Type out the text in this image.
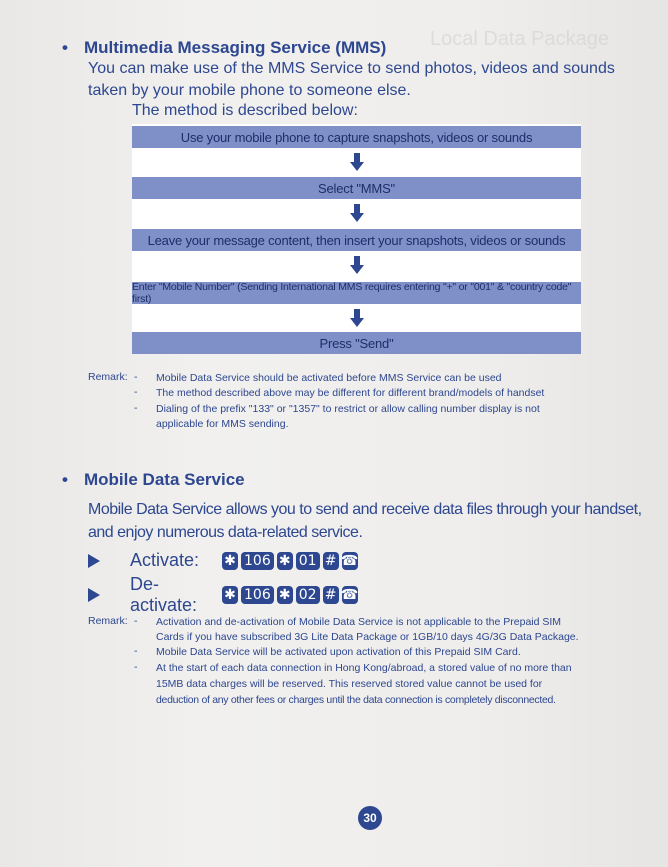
Local Data Package
• Multimedia Messaging Service (MMS)
You can make use of the MMS Service to send photos, videos and sounds
taken by your mobile phone to someone else.
The method is described below:
Use your mobile phone to capture snapshots, videos or sounds
Select "MMS"
Leave your message content, then insert your snapshots, videos or sounds
Enter "Mobile Number" (Sending International MMS requires entering "+" or "001" & "country code" first)
Press "Send"
Remark: - Mobile Data Service should be activated before MMS Service can be used
- The method described above may be different for different brand/models of handset
- Dialing of the prefix "133" or "1357" to restrict or allow calling number display is not
applicable for MMS sending.
• Mobile Data Service
Mobile Data Service allows you to send and receive data files through your handset,
and enjoy numerous data-related service.
Activate:	✱ 106 ✱ 01 # ☎
De-activate:	✱ 106 ✱ 02 # ☎
Remark: - Activation and de-activation of Mobile Data Service is not applicable to the Prepaid SIM
Cards if you have subscribed 3G Lite Data Package or 1GB/10 days 4G/3G Data Package.
- Mobile Data Service will be activated upon activation of this Prepaid SIM Card.
- At the start of each data connection in Hong Kong/abroad, a stored value of no more than
15MB data charges will be reserved. This reserved stored value cannot be used for
deduction of any other fees or charges until the data connection is completely disconnected.
30
